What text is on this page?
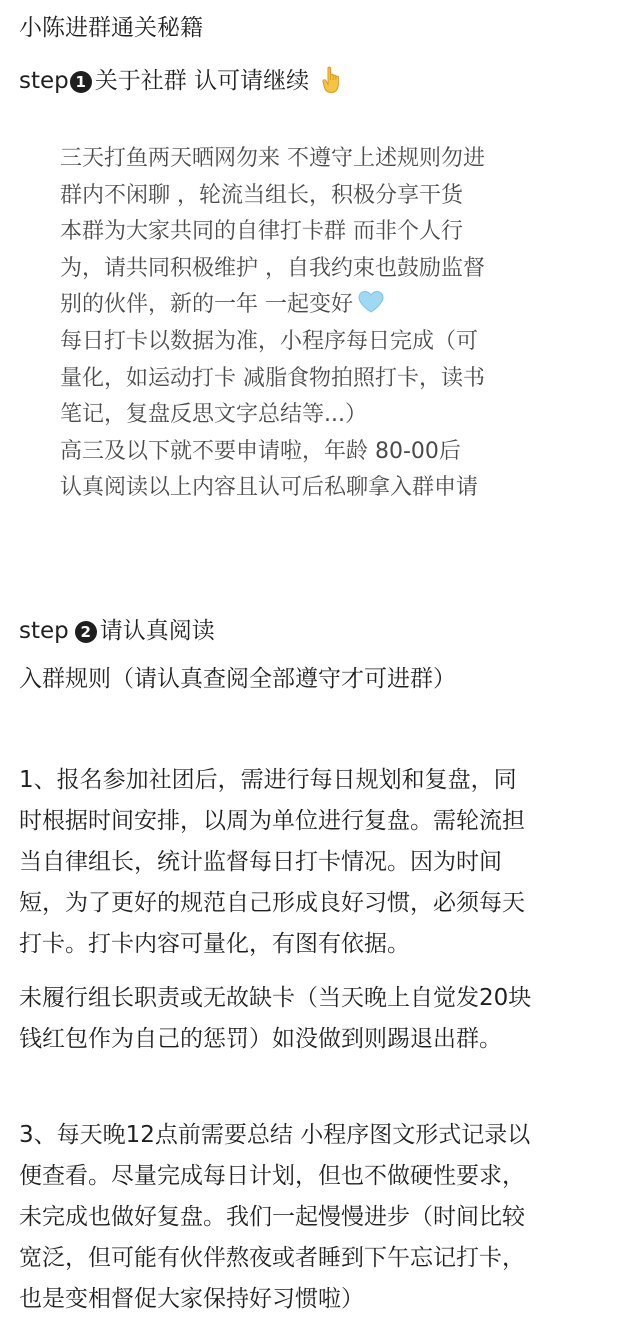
小陈进群通关秘籍
step 1 关于社群 认可请继续
三天打鱼两天晒网勿来 不遵守上述规则勿进
群内不闲聊 ，轮流当组长，积极分享干货
本群为大家共同的自律打卡群 而非个人行
为，请共同积极维护 ，自我约束也鼓励监督
别的伙伴，新的一年 一起变好
每日打卡以数据为准，小程序每日完成（可
量化，如运动打卡 减脂食物拍照打卡，读书
笔记，复盘反思文字总结等...）
高三及以下就不要申请啦，年龄 80-00后
认真阅读以上内容且认可后私聊拿入群申请
step 2 请认真阅读
入群规则（请认真查阅全部遵守才可进群）
1、报名参加社团后，需进行每日规划和复盘，同
时根据时间安排，以周为单位进行复盘。需轮流担
当自律组长，统计监督每日打卡情况。因为时间
短，为了更好的规范自己形成良好习惯，必须每天
打卡。打卡内容可量化，有图有依据。
未履行组长职责或无故缺卡（当天晚上自觉发20块
钱红包作为自己的惩罚）如没做到则踢退出群。
3、每天晚12点前需要总结 小程序图文形式记录以
便查看。尽量完成每日计划，但也不做硬性要求，
未完成也做好复盘。我们一起慢慢进步（时间比较
宽泛，但可能有伙伴熬夜或者睡到下午忘记打卡，
也是变相督促大家保持好习惯啦）
